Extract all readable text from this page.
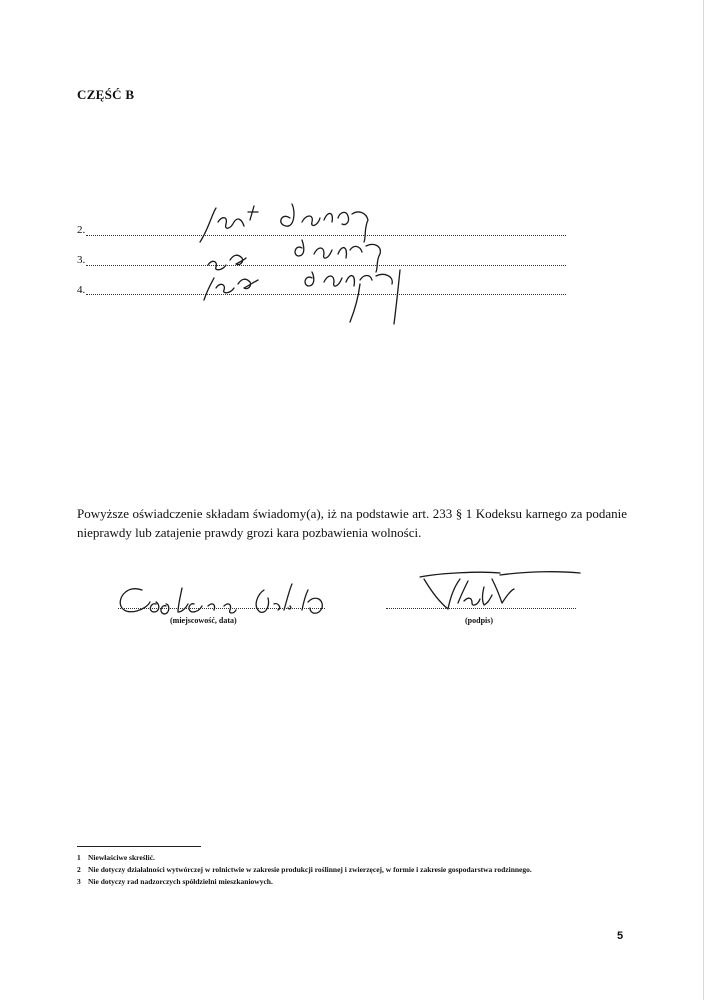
CZĘŚĆ B
2.
3.
4.
Powyższe oświadczenie składam świadomy(a), iż na podstawie art. 233 § 1 Kodeksu karnego za podanie nieprawdy lub zatajenie prawdy grozi kara pozbawienia wolności.
(miejscowość, data)	(podpis)
1 Niewłaściwe skreślić.
2 Nie dotyczy działalności wytwórczej w rolnictwie w zakresie produkcji roślinnej i zwierzęcej, w formie i zakresie gospodarstwa rodzinnego.
3 Nie dotyczy rad nadzorczych spółdzielni mieszkaniowych.
5
